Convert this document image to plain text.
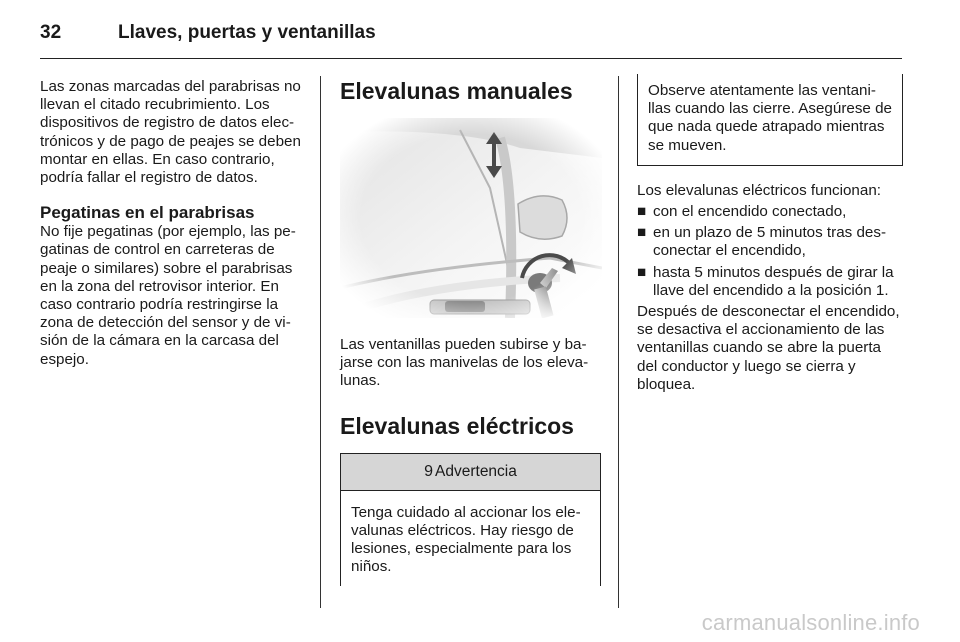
32	Llaves, puertas y ventanillas

Las zonas marcadas del parabrisas no llevan el citado recubrimiento. Los dispositivos de registro de datos electrónicos y de pago de peajes se deben montar en ellas. En caso contrario, podría fallar el registro de datos.

Pegatinas en el parabrisas

No fije pegatinas (por ejemplo, las pegatinas de control en carreteras de peaje o similares) sobre el parabrisas en la zona del retrovisor interior. En caso contrario podría restringirse la zona de detección del sensor y de visión de la cámara en la carcasa del espejo.

Elevalunas manuales

Las ventanillas pueden subirse y bajarse con las manivelas de los elevalunas.

Elevalunas eléctricos
9 Advertencia
Tenga cuidado al accionar los elevalunas eléctricos. Hay riesgo de lesiones, especialmente para los niños.
Observe atentamente las ventanillas cuando las cierre. Asegúrese de que nada quede atrapado mientras se mueven.

Los elevalunas eléctricos funcionan:

■ con el encendido conectado,
■ en un plazo de 5 minutos tras desconectar el encendido,
■ hasta 5 minutos después de girar la llave del encendido a la posición 1.

Después de desconectar el encendido, se desactiva el accionamiento de las ventanillas cuando se abre la puerta del conductor y luego se cierra y bloquea.

carmanualsonline.info
